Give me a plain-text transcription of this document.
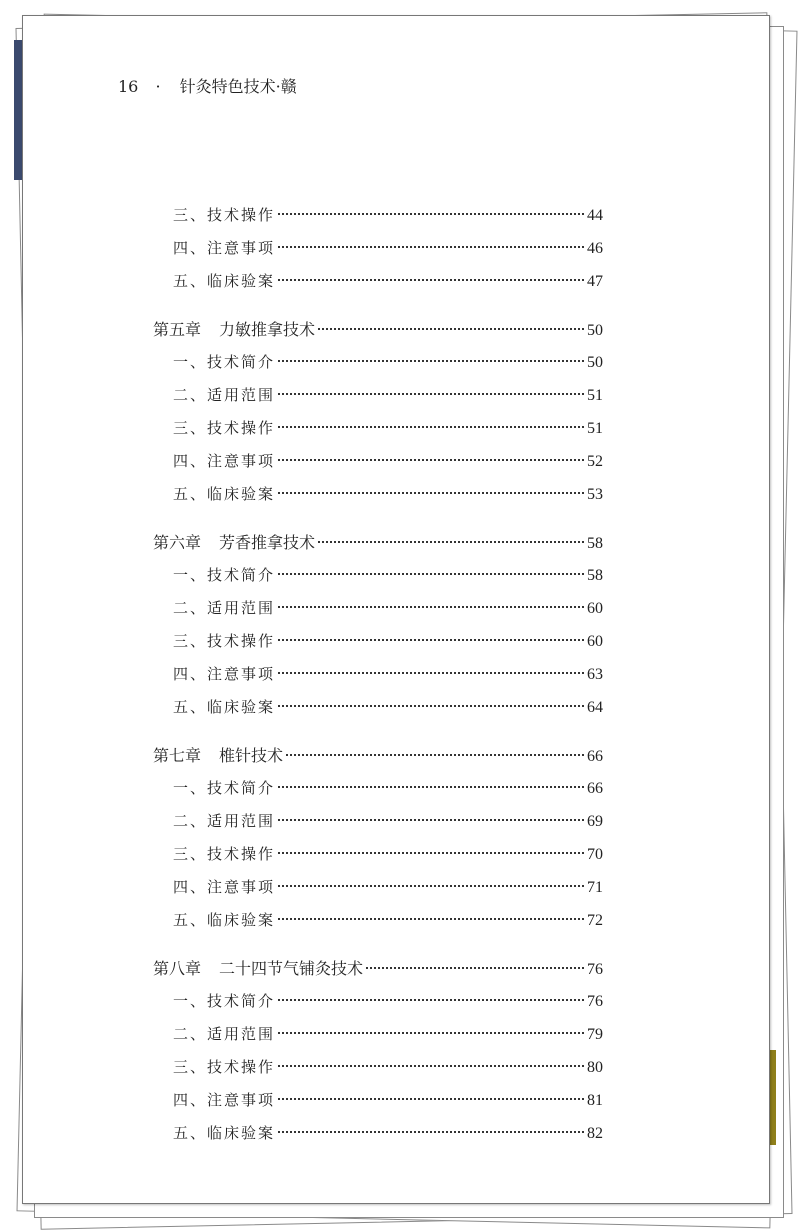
16 · 针灸特色技术·赣
三、技术操作	44
四、注意事项	46
五、临床验案	47
第五章 力敏推拿技术	50
一、技术简介	50
二、适用范围	51
三、技术操作	51
四、注意事项	52
五、临床验案	53
第六章 芳香推拿技术	58
一、技术简介	58
二、适用范围	60
三、技术操作	60
四、注意事项	63
五、临床验案	64
第七章 椎针技术	66
一、技术简介	66
二、适用范围	69
三、技术操作	70
四、注意事项	71
五、临床验案	72
第八章 二十四节气铺灸技术	76
一、技术简介	76
二、适用范围	79
三、技术操作	80
四、注意事项	81
五、临床验案	82
